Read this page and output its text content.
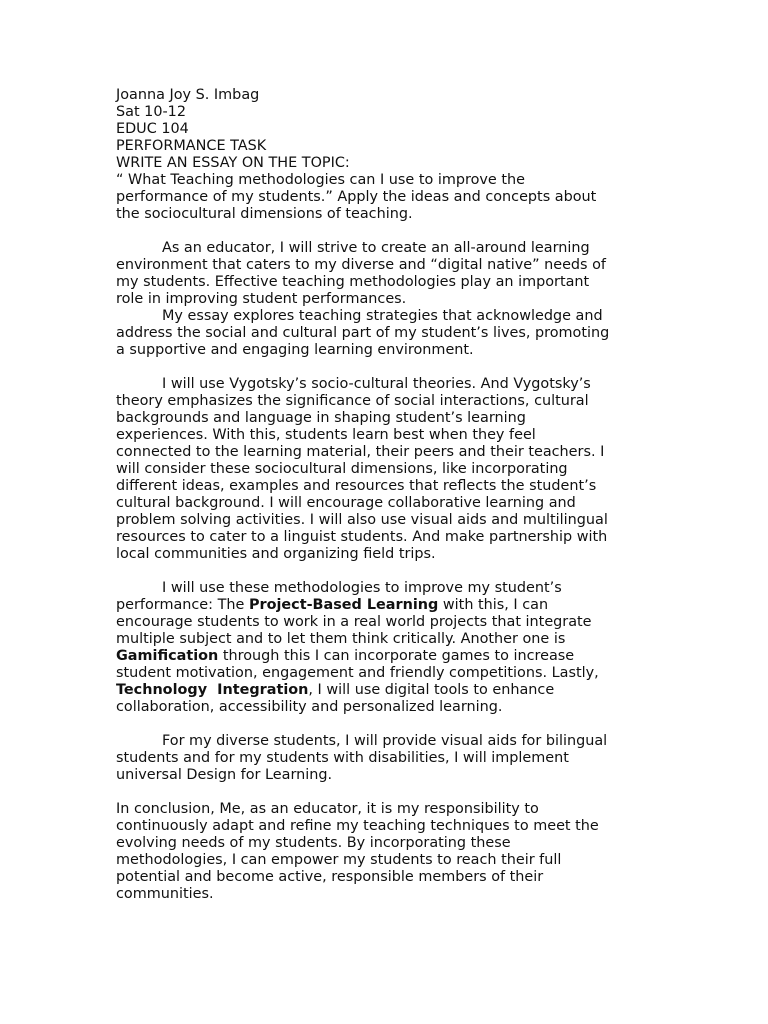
Joanna Joy S. Imbag

Sat 10-12

EDUC 104

PERFORMANCE TASK

WRITE AN ESSAY ON THE TOPIC:

“ What Teaching methodologies can I use to improve the
performance of my students.” Apply the ideas and concepts about
the sociocultural dimensions of teaching.

As an educator, I will strive to create an all-around learning
environment that caters to my diverse and “digital native” needs of
my students. Effective teaching methodologies play an important
role in improving student performances.

My essay explores teaching strategies that acknowledge and
address the social and cultural part of my student’s lives, promoting
a supportive and engaging learning environment.

I will use Vygotsky’s socio-cultural theories. And Vygotsky’s
theory emphasizes the significance of social interactions, cultural
backgrounds and language in shaping student’s learning
experiences. With this, students learn best when they feel
connected to the learning material, their peers and their teachers. I
will consider these sociocultural dimensions, like incorporating
different ideas, examples and resources that reflects the student’s
cultural background. I will encourage collaborative learning and
problem solving activities. I will also use visual aids and multilingual
resources to cater to a linguist students. And make partnership with
local communities and organizing field trips.

I will use these methodologies to improve my student’s

performance: The Project-Based Learning with this, I can

encourage students to work in a real world projects that integrate

multiple subject and to let them think critically. Another one is

Gamification through this I can incorporate games to increase

student motivation, engagement and friendly competitions. Lastly,

Technology  Integration, I will use digital tools to enhance

collaboration, accessibility and personalized learning.

For my diverse students, I will provide visual aids for bilingual
students and for my students with disabilities, I will implement
universal Design for Learning.

In conclusion, Me, as an educator, it is my responsibility to
continuously adapt and refine my teaching techniques to meet the
evolving needs of my students. By incorporating these
methodologies, I can empower my students to reach their full
potential and become active, responsible members of their
communities.
